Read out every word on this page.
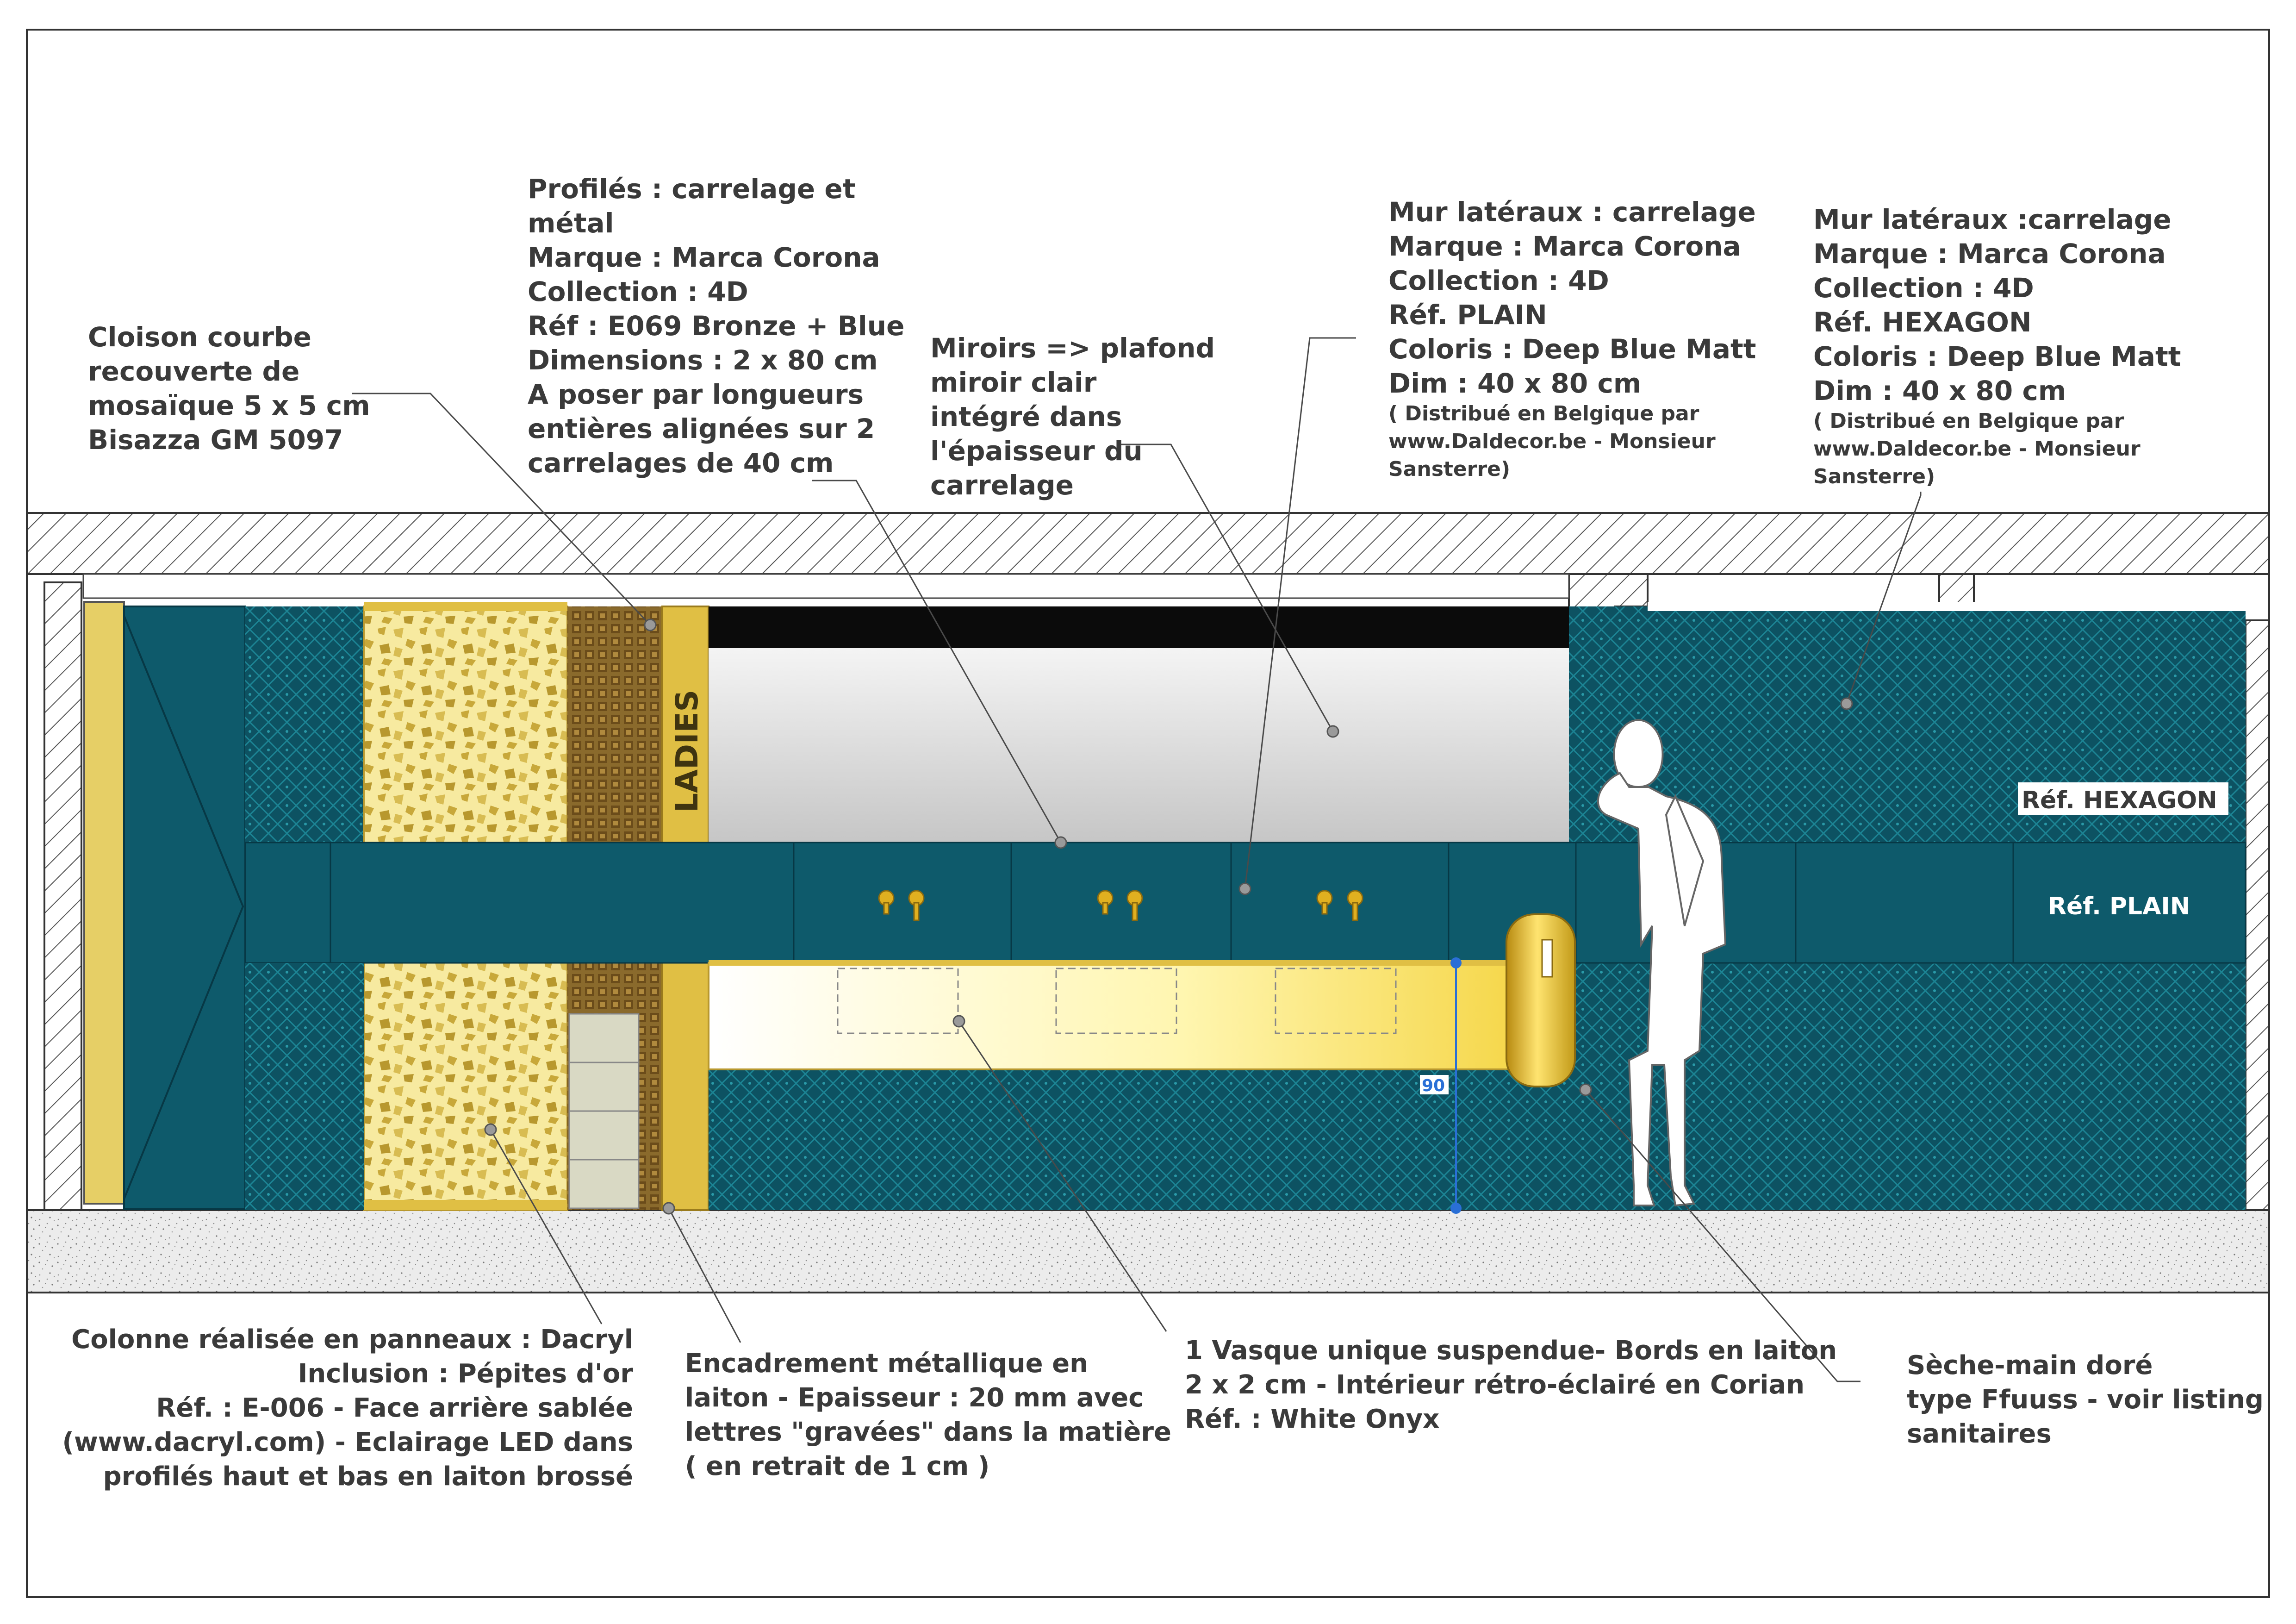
LADIES
90
Réf. HEXAGON
Réf. PLAIN
Cloison courbe
recouverte de
mosaïque 5 x 5 cm
Bisazza GM 5097
Profilés : carrelage et
métal
Marque : Marca Corona
Collection : 4D
Réf : E069 Bronze + Blue
Dimensions : 2 x 80 cm
A poser par longueurs
entières alignées sur 2
carrelages de 40 cm
Miroirs => plafond
miroir clair
intégré dans
l'épaisseur du
carrelage
Mur latéraux : carrelage
Marque : Marca Corona
Collection : 4D
Réf. PLAIN
Coloris : Deep Blue Matt
Dim : 40 x 80 cm
( Distribué en Belgique par
www.Daldecor.be - Monsieur
Sansterre)
Mur latéraux :carrelage
Marque : Marca Corona
Collection : 4D
Réf. HEXAGON
Coloris : Deep Blue Matt
Dim : 40 x 80 cm
( Distribué en Belgique par
www.Daldecor.be - Monsieur
Sansterre)
Colonne réalisée en panneaux : Dacryl
Inclusion : Pépites d'or
Réf. : E-006 - Face arrière sablée
(www.dacryl.com) - Eclairage LED dans
profilés haut et bas en laiton brossé
Encadrement métallique en
laiton - Epaisseur : 20 mm avec
lettres "gravées" dans la matière
( en retrait de 1 cm )
1 Vasque unique suspendue- Bords en laiton
2 x 2 cm - Intérieur rétro-éclairé en Corian
Réf. : White Onyx
Sèche-main doré
type Ffuuss - voir listing
sanitaires
